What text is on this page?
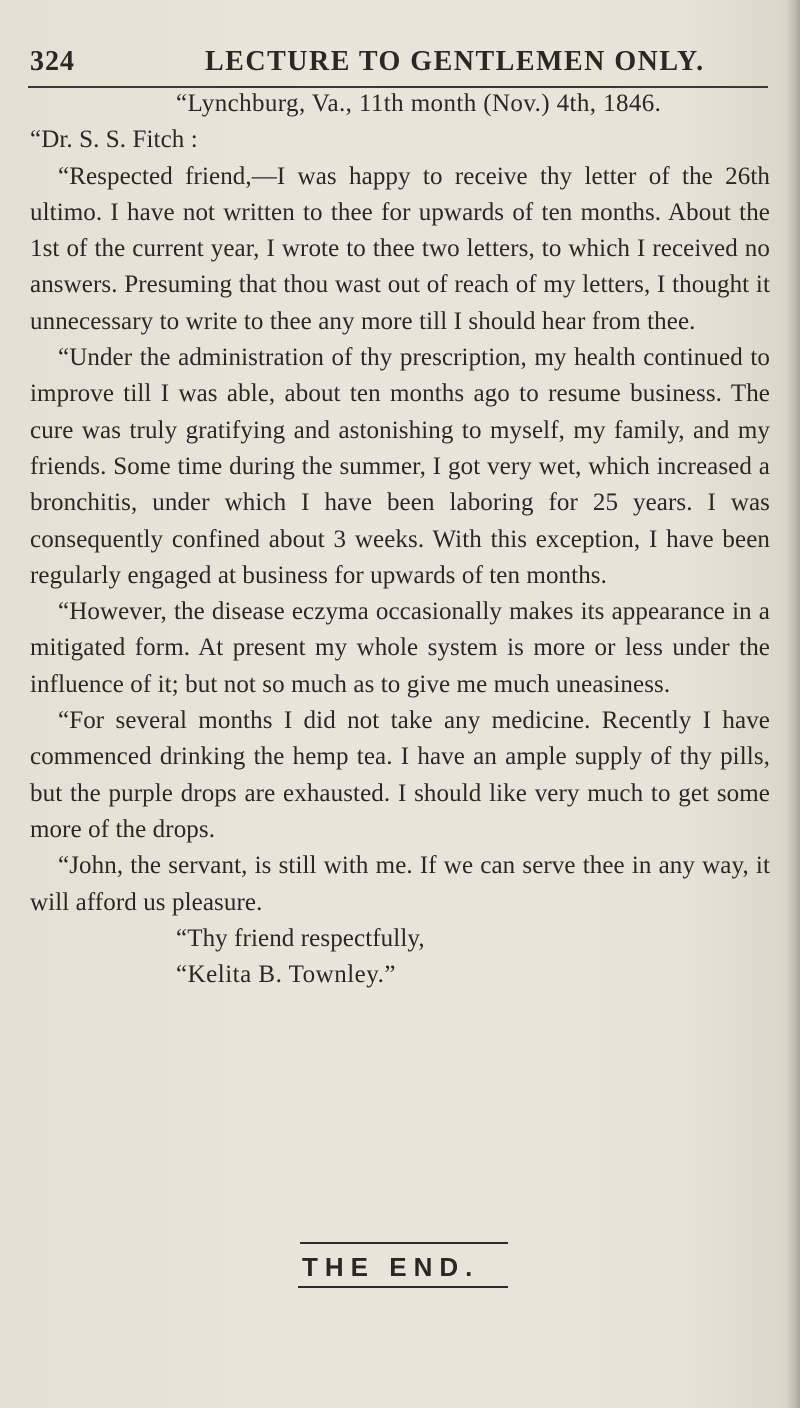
324	LECTURE TO GENTLEMEN ONLY.

“Lynchburg, Va., 11th month (Nov.) 4th, 1846.

“Dr. S. S. Fitch :

“Respected friend,—I was happy to receive thy letter of the 26th ultimo. I have not written to thee for upwards of ten months. About the 1st of the current year, I wrote to thee two letters, to which I received no answers. Presuming that thou wast out of reach of my letters, I thought it unnecessary to write to thee any more till I should hear from thee.

“Under the administration of thy prescription, my health continued to improve till I was able, about ten months ago to resume business. The cure was truly gratifying and astonishing to myself, my family, and my friends. Some time during the summer, I got very wet, which increased a bronchitis, under which I have been laboring for 25 years. I was consequently confined about 3 weeks. With this exception, I have been regularly engaged at business for upwards of ten months.

“However, the disease eczyma occasionally makes its appearance in a mitigated form. At present my whole system is more or less under the influence of it; but not so much as to give me much uneasiness.

“For several months I did not take any medicine. Recently I have commenced drinking the hemp tea. I have an ample supply of thy pills, but the purple drops are exhausted. I should like very much to get some more of the drops.

“John, the servant, is still with me. If we can serve thee in any way, it will afford us pleasure.

“Thy friend respectfully,

“Kelita B. Townley.”

THE END.
